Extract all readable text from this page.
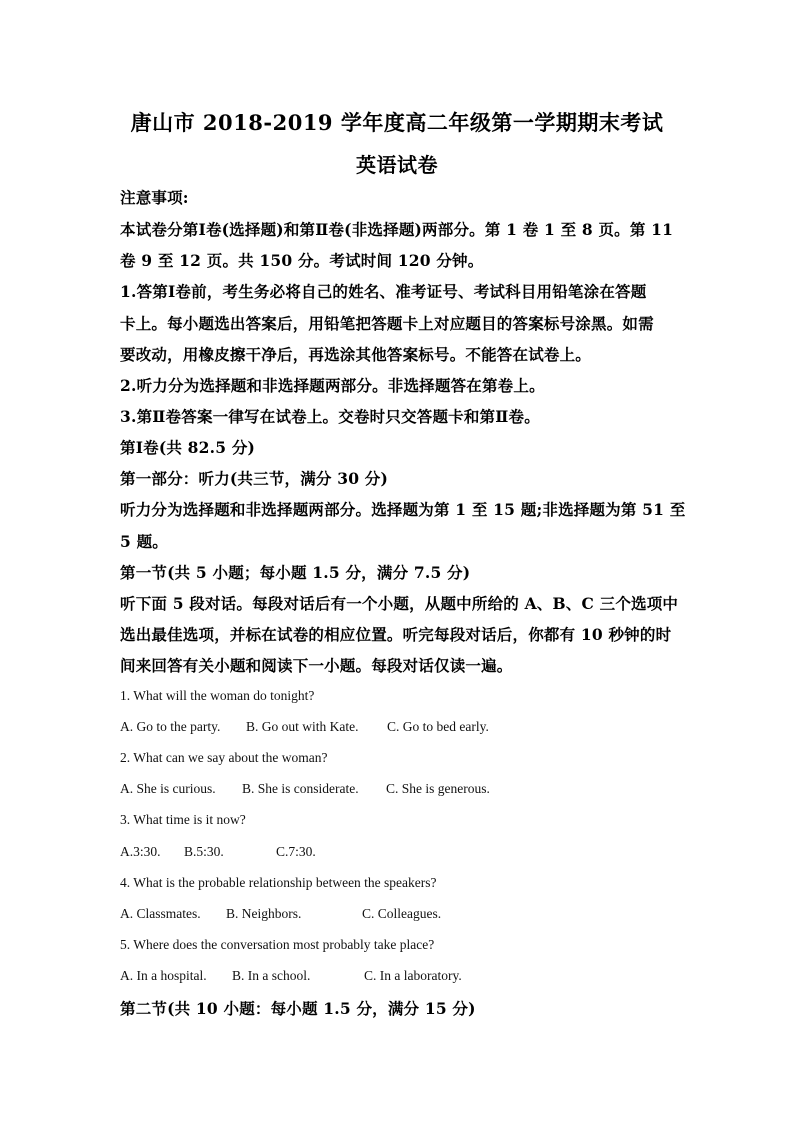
唐山市 2018-2019 学年度高二年级第一学期期末考试
英语试卷
注意事项:
本试卷分第Ⅰ卷(选择题)和第Ⅱ卷(非选择题)两部分。第 1 卷 1 至 8 页。第 11
卷 9 至 12 页。共 150 分。考试时间 120 分钟。
1.答第Ⅰ卷前，考生务必将自己的姓名、准考证号、考试科目用铅笔涂在答题
卡上。每小题选出答案后，用铅笔把答题卡上对应题目的答案标号涂黑。如需
要改动，用橡皮擦干净后，再选涂其他答案标号。不能答在试卷上。
2.听力分为选择题和非选择题两部分。非选择题答在第卷上。
3.第Ⅱ卷答案一律写在试卷上。交卷时只交答题卡和第Ⅱ卷。
第Ⅰ卷(共 82.5 分)
第一部分：听力(共三节，满分 30 分)
听力分为选择题和非选择题两部分。选择题为第 1 至 15 题;非选择题为第 51 至
5 题。
第一节(共 5 小题；每小题 1.5 分，满分 7.5 分)
听下面 5 段对话。每段对话后有一个小题，从题中所给的 A、B、C 三个选项中
选出最佳选项，并标在试卷的相应位置。听完每段对话后，你都有 10 秒钟的时
间来回答有关小题和阅读下一小题。每段对话仅读一遍。
1. What will the woman do tonight?
A. Go to the party. B. Go out with Kate. C. Go to bed early.
2. What can we say about the woman?
A. She is curious. B. She is considerate. C. She is generous.
3. What time is it now?
A.3:30. B.5:30.	C.7:30.
4. What is the probable relationship between the speakers?
A. Classmates. B. Neighbors.	C. Colleagues.
5. Where does the conversation most probably take place?
A. In a hospital. B. In a school.	C. In a laboratory.
第二节(共 10 小题：每小题 1.5 分，满分 15 分)
